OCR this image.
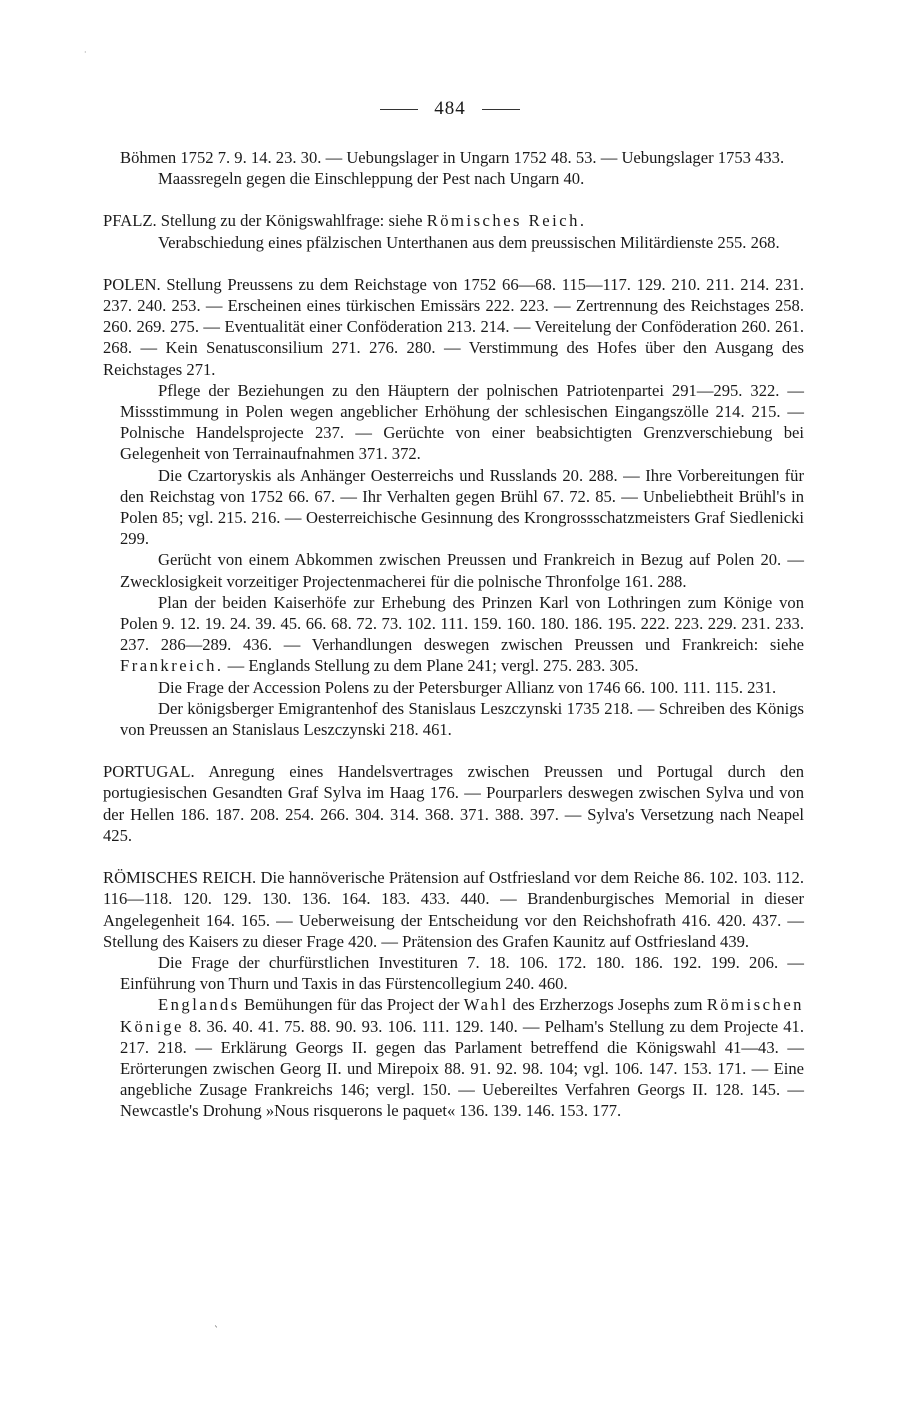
·
484

Böhmen 1752 7. 9. 14. 23. 30. — Uebungslager in Ungarn 1752 48. 53. — Uebungslager 1753 433.

Maassregeln gegen die Einschleppung der Pest nach Ungarn 40.

PFALZ. Stellung zu der Königswahlfrage: siehe Römisches Reich.

Verabschiedung eines pfälzischen Unterthanen aus dem preussischen Militärdienste 255. 268.

POLEN. Stellung Preussens zu dem Reichstage von 1752 66—68. 115—117. 129. 210. 211. 214. 231. 237. 240. 253. — Erscheinen eines türkischen Emissärs 222. 223. — Zertrennung des Reichstages 258. 260. 269. 275. — Eventualität einer Conföderation 213. 214. — Vereitelung der Conföderation 260. 261. 268. — Kein Senatusconsilium 271. 276. 280. — Verstimmung des Hofes über den Ausgang des Reichstages 271.

Pflege der Beziehungen zu den Häuptern der polnischen Patriotenpartei 291—295. 322. — Missstimmung in Polen wegen angeblicher Erhöhung der schlesischen Eingangszölle 214. 215. — Polnische Handelsprojecte 237. — Gerüchte von einer beabsichtigten Grenzverschiebung bei Gelegenheit von Terrainaufnahmen 371. 372.

Die Czartoryskis als Anhänger Oesterreichs und Russlands 20. 288. — Ihre Vorbereitungen für den Reichstag von 1752 66. 67. — Ihr Verhalten gegen Brühl 67. 72. 85. — Unbeliebtheit Brühl's in Polen 85; vgl. 215. 216. — Oesterreichische Gesinnung des Krongrossschatzmeisters Graf Siedlenicki 299.

Gerücht von einem Abkommen zwischen Preussen und Frankreich in Bezug auf Polen 20. — Zwecklosigkeit vorzeitiger Projectenmacherei für die polnische Thronfolge 161. 288.

Plan der beiden Kaiserhöfe zur Erhebung des Prinzen Karl von Lothringen zum Könige von Polen 9. 12. 19. 24. 39. 45. 66. 68. 72. 73. 102. 111. 159. 160. 180. 186. 195. 222. 223. 229. 231. 233. 237. 286—289. 436. — Verhandlungen deswegen zwischen Preussen und Frankreich: siehe Frankreich. — Englands Stellung zu dem Plane 241; vergl. 275. 283. 305.

Die Frage der Accession Polens zu der Petersburger Allianz von 1746 66. 100. 111. 115. 231.

Der königsberger Emigrantenhof des Stanislaus Leszczynski 1735 218. — Schreiben des Königs von Preussen an Stanislaus Leszczynski 218. 461.

PORTUGAL. Anregung eines Handelsvertrages zwischen Preussen und Portugal durch den portugiesischen Gesandten Graf Sylva im Haag 176. — Pourparlers deswegen zwischen Sylva und von der Hellen 186. 187. 208. 254. 266. 304. 314. 368. 371. 388. 397. — Sylva's Versetzung nach Neapel 425.

RÖMISCHES REICH. Die hannöverische Prätension auf Ostfriesland vor dem Reiche 86. 102. 103. 112. 116—118. 120. 129. 130. 136. 164. 183. 433. 440. — Brandenburgisches Memorial in dieser Angelegenheit 164. 165. — Ueberweisung der Entscheidung vor den Reichshofrath 416. 420. 437. — Stellung des Kaisers zu dieser Frage 420. — Prätension des Grafen Kaunitz auf Ostfriesland 439.

Die Frage der churfürstlichen Investituren 7. 18. 106. 172. 180. 186. 192. 199. 206. — Einführung von Thurn und Taxis in das Fürstencollegium 240. 460.

Englands Bemühungen für das Project der Wahl des Erzherzogs Josephs zum Römischen Könige 8. 36. 40. 41. 75. 88. 90. 93. 106. 111. 129. 140. — Pelham's Stellung zu dem Projecte 41. 217. 218. — Erklärung Georgs II. gegen das Parlament betreffend die Königswahl 41—43. — Erörterungen zwischen Georg II. und Mirepoix 88. 91. 92. 98. 104; vgl. 106. 147. 153. 171. — Eine angebliche Zusage Frankreichs 146; vergl. 150. — Uebereiltes Verfahren Georgs II. 128. 145. — Newcastle's Drohung »Nous risquerons le paquet« 136. 139. 146. 153. 177.

`
